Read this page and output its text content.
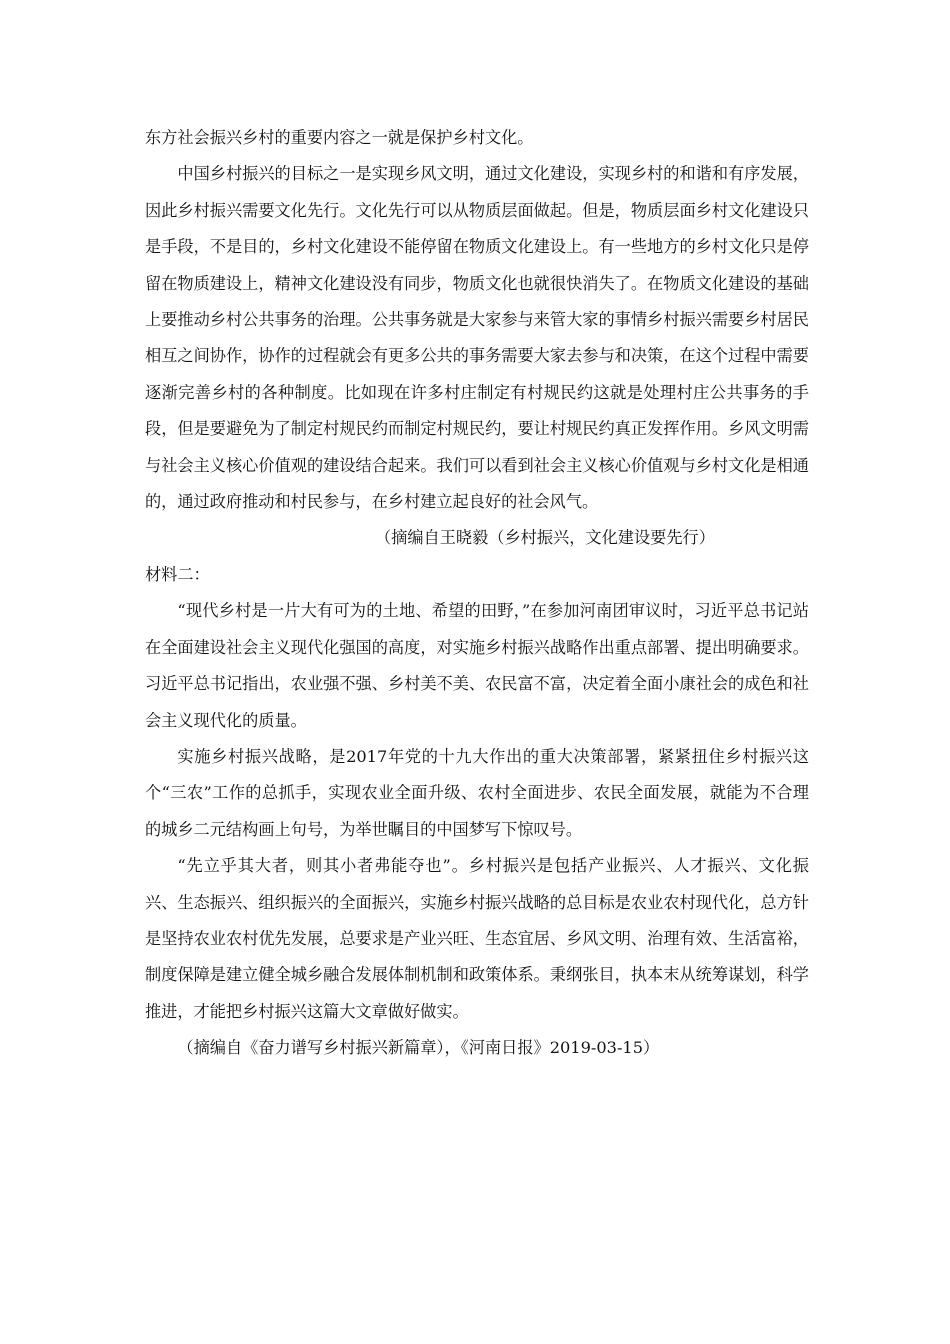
东方社会振兴乡村的重要内容之一就是保护乡村文化。

中国乡村振兴的目标之一是实现乡风文明，通过文化建设，实现乡村的和谐和有序发展，因此乡村振兴需要文化先行。文化先行可以从物质层面做起。但是，物质层面乡村文化建设只是手段，不是目的，乡村文化建设不能停留在物质文化建设上。有一些地方的乡村文化只是停留在物质建设上，精神文化建设没有同步，物质文化也就很快消失了。在物质文化建设的基础上要推动乡村公共事务的治理。公共事务就是大家参与来管大家的事情乡村振兴需要乡村居民相互之间协作，协作的过程就会有更多公共的事务需要大家去参与和决策，在这个过程中需要逐渐完善乡村的各种制度。比如现在许多村庄制定有村规民约这就是处理村庄公共事务的手段，但是要避免为了制定村规民约而制定村规民约，要让村规民约真正发挥作用。乡风文明需与社会主义核心价值观的建设结合起来。我们可以看到社会主义核心价值观与乡村文化是相通的，通过政府推动和村民参与，在乡村建立起良好的社会风气。

（摘编自王晓毅（乡村振兴，文化建设要先行）

材料二：

“现代乡村是一片大有可为的土地、希望的田野，”在参加河南团审议时，习近平总书记站在全面建设社会主义现代化强国的高度，对实施乡村振兴战略作出重点部署、提出明确要求。习近平总书记指出，农业强不强、乡村美不美、农民富不富，决定着全面小康社会的成色和社会主义现代化的质量。

实施乡村振兴战略，是2017年党的十九大作出的重大决策部署，紧紧扭住乡村振兴这个“三农”工作的总抓手，实现农业全面升级、农村全面进步、农民全面发展，就能为不合理的城乡二元结构画上句号，为举世瞩目的中国梦写下惊叹号。

“先立乎其大者，则其小者弗能夺也”。乡村振兴是包括产业振兴、人才振兴、文化振兴、生态振兴、组织振兴的全面振兴，实施乡村振兴战略的总目标是农业农村现代化，总方针是坚持农业农村优先发展，总要求是产业兴旺、生态宜居、乡风文明、治理有效、生活富裕，制度保障是建立健全城乡融合发展体制机制和政策体系。秉纲张目，执本末从统筹谋划，科学推进，才能把乡村振兴这篇大文章做好做实。

（摘编自《奋力谱写乡村振兴新篇章），《河南日报》2019-03-15）
